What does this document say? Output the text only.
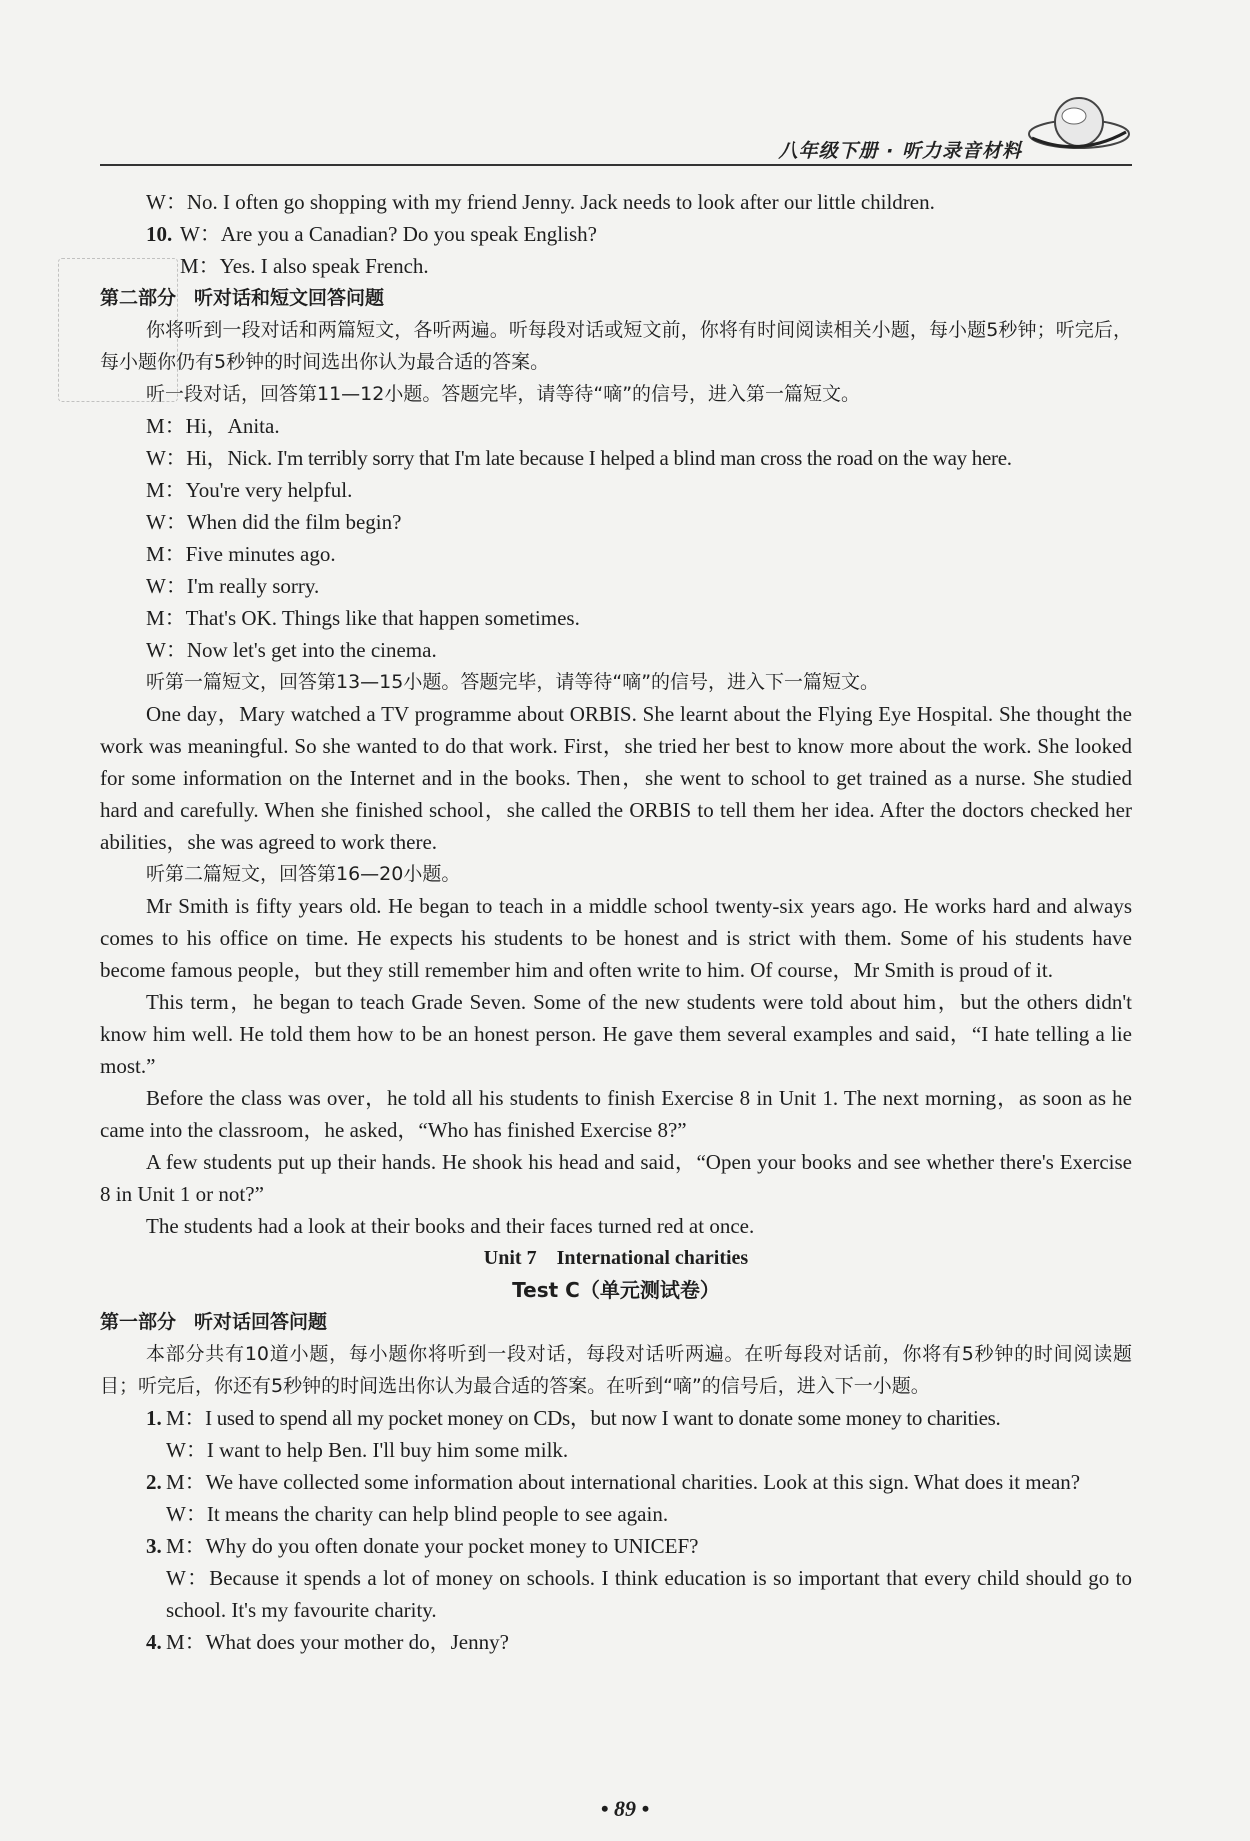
八年级下册 · 听力录音材料
W：No. I often go shopping with my friend Jenny. Jack needs to look after our little children.
10. W：Are you a Canadian? Do you speak English?
M：Yes. I also speak French.
第二部分 听对话和短文回答问题
你将听到一段对话和两篇短文，各听两遍。听每段对话或短文前，你将有时间阅读相关小题，每小题5秒钟；听完后，每小题你仍有5秒钟的时间选出你认为最合适的答案。
听一段对话，回答第11—12小题。答题完毕，请等待“嘀”的信号，进入第一篇短文。
M：Hi，Anita.
W：Hi，Nick. I'm terribly sorry that I'm late because I helped a blind man cross the road on the way here.
M：You're very helpful.
W：When did the film begin?
M：Five minutes ago.
W：I'm really sorry.
M：That's OK. Things like that happen sometimes.
W：Now let's get into the cinema.
听第一篇短文，回答第13—15小题。答题完毕，请等待“嘀”的信号，进入下一篇短文。
One day，Mary watched a TV programme about ORBIS. She learnt about the Flying Eye Hospital. She thought the work was meaningful. So she wanted to do that work. First，she tried her best to know more about the work. She looked for some information on the Internet and in the books. Then，she went to school to get trained as a nurse. She studied hard and carefully. When she finished school，she called the ORBIS to tell them her idea. After the doctors checked her abilities，she was agreed to work there.
听第二篇短文，回答第16—20小题。
Mr Smith is fifty years old. He began to teach in a middle school twenty-six years ago. He works hard and always comes to his office on time. He expects his students to be honest and is strict with them. Some of his students have become famous people，but they still remember him and often write to him. Of course，Mr Smith is proud of it.
This term，he began to teach Grade Seven. Some of the new students were told about him，but the others didn't know him well. He told them how to be an honest person. He gave them several examples and said，“I hate telling a lie most.”
Before the class was over，he told all his students to finish Exercise 8 in Unit 1. The next morning，as soon as he came into the classroom，he asked，“Who has finished Exercise 8?”
A few students put up their hands. He shook his head and said，“Open your books and see whether there's Exercise 8 in Unit 1 or not?”
The students had a look at their books and their faces turned red at once.
Unit 7    International charities
Test C（单元测试卷）
第一部分 听对话回答问题
本部分共有10道小题，每小题你将听到一段对话，每段对话听两遍。在听每段对话前，你将有5秒钟的时间阅读题目；听完后，你还有5秒钟的时间选出你认为最合适的答案。在听到“嘀”的信号后，进入下一小题。
1. M：I used to spend all my pocket money on CDs，but now I want to donate some money to charities.
W：I want to help Ben. I'll buy him some milk.
2. M：We have collected some information about international charities. Look at this sign. What does it mean?
W：It means the charity can help blind people to see again.
3. M：Why do you often donate your pocket money to UNICEF?
W：Because it spends a lot of money on schools. I think education is so important that every child should go to school. It's my favourite charity.
4. M：What does your mother do，Jenny?
• 89 •
